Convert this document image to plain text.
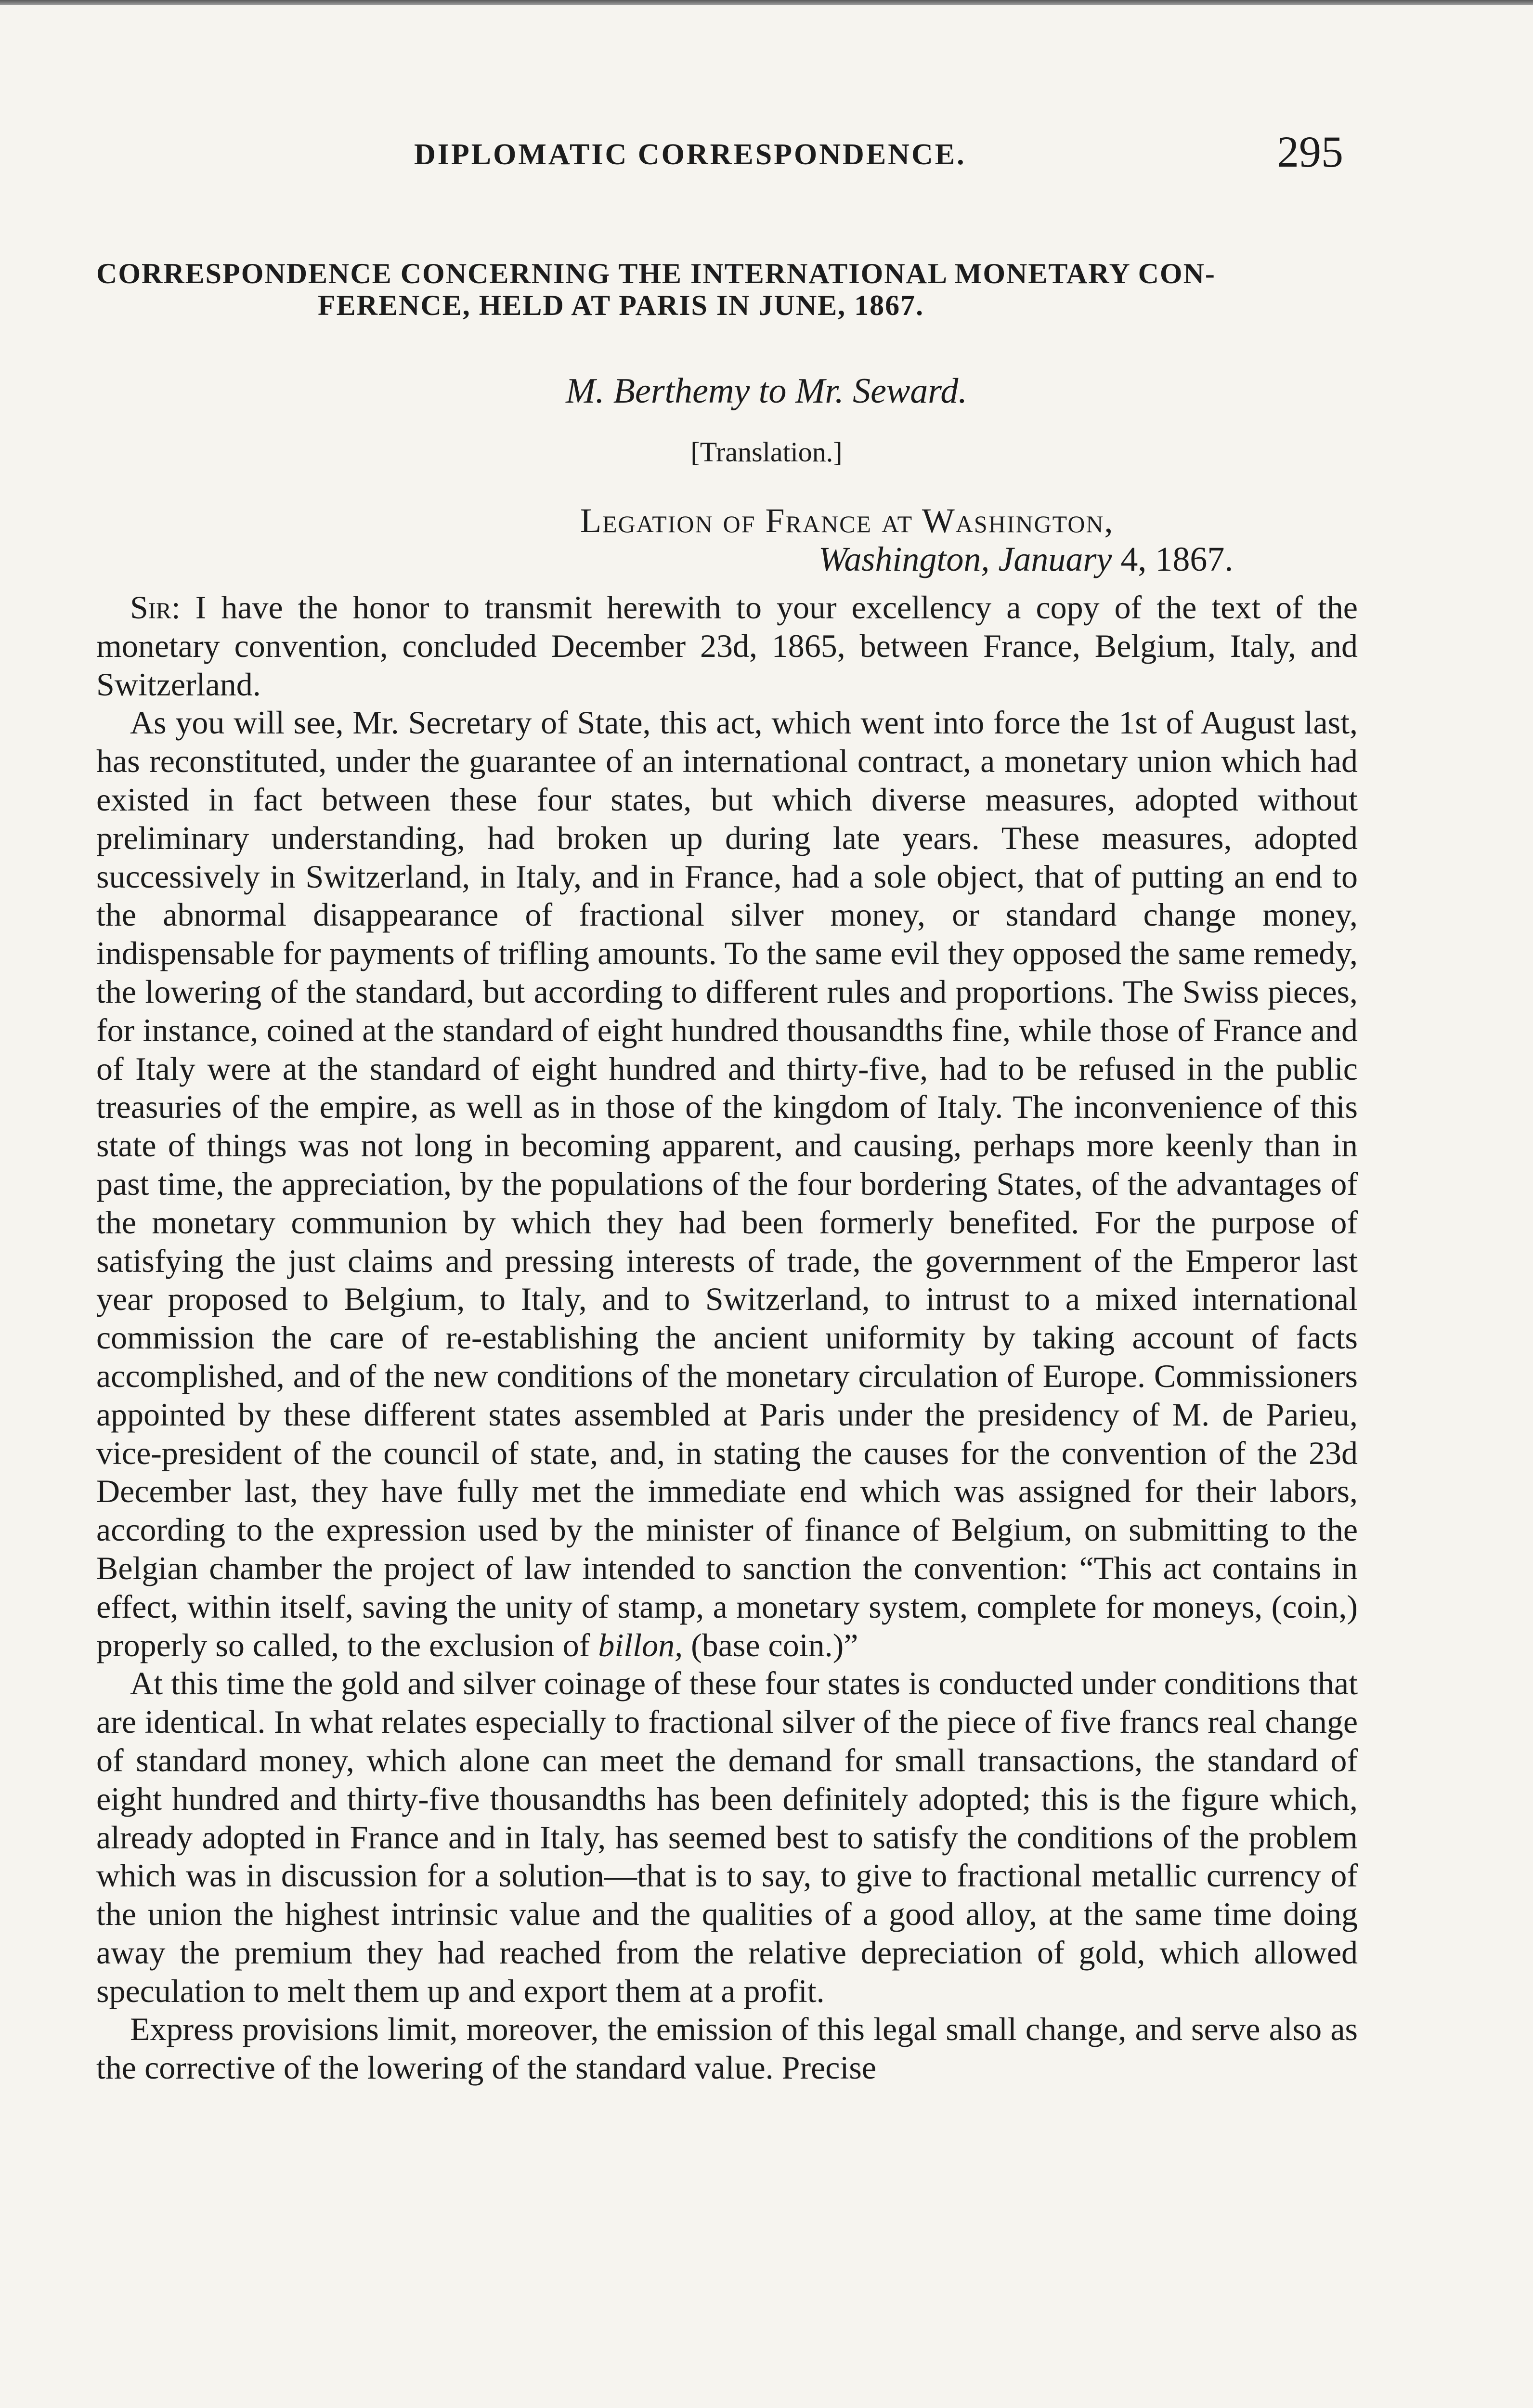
DIPLOMATIC CORRESPONDENCE.	295
CORRESPONDENCE CONCERNING THE INTERNATIONAL MONETARY CON-
FERENCE, HELD AT PARIS IN JUNE, 1867.
M. Berthemy to Mr. Seward.
[Translation.]
Legation of France at Washington,
Washington, January 4, 1867.

Sir: I have the honor to transmit herewith to your excellency a copy of the text of the monetary convention, concluded December 23d, 1865, between France, Belgium, Italy, and Switzerland.

As you will see, Mr. Secretary of State, this act, which went into force the 1st of August last, has reconstituted, under the guarantee of an international contract, a monetary union which had existed in fact between these four states, but which diverse measures, adopted without preliminary understanding, had broken up during late years. These measures, adopted successively in Switzerland, in Italy, and in France, had a sole object, that of putting an end to the abnormal disappearance of fractional silver money, or standard change money, indispensable for payments of trifling amounts. To the same evil they opposed the same remedy, the lowering of the standard, but according to different rules and proportions. The Swiss pieces, for instance, coined at the standard of eight hundred thousandths fine, while those of France and of Italy were at the standard of eight hundred and thirty-five, had to be refused in the public treasuries of the empire, as well as in those of the kingdom of Italy. The inconvenience of this state of things was not long in becoming apparent, and causing, perhaps more keenly than in past time, the appreciation, by the populations of the four bordering States, of the advantages of the monetary communion by which they had been formerly benefited. For the purpose of satisfying the just claims and pressing interests of trade, the government of the Emperor last year proposed to Belgium, to Italy, and to Switzerland, to intrust to a mixed international commission the care of re-establishing the ancient uniformity by taking account of facts accomplished, and of the new conditions of the monetary circulation of Europe. Commissioners appointed by these different states assembled at Paris under the presidency of M. de Parieu, vice-president of the council of state, and, in stating the causes for the convention of the 23d December last, they have fully met the immediate end which was assigned for their labors, according to the expression used by the minister of finance of Belgium, on submitting to the Belgian chamber the project of law intended to sanction the convention: “This act contains in effect, within itself, saving the unity of stamp, a monetary system, complete for moneys, (coin,) properly so called, to the exclusion of billon, (base coin.)”

At this time the gold and silver coinage of these four states is conducted under conditions that are identical. In what relates especially to fractional silver of the piece of five francs real change of standard money, which alone can meet the demand for small transactions, the standard of eight hundred and thirty-five thousandths has been definitely adopted; this is the figure which, already adopted in France and in Italy, has seemed best to satisfy the conditions of the problem which was in discussion for a solution—that is to say, to give to fractional metallic currency of the union the highest intrinsic value and the qualities of a good alloy, at the same time doing away the premium they had reached from the relative depreciation of gold, which allowed speculation to melt them up and export them at a profit.

Express provisions limit, moreover, the emission of this legal small change, and serve also as the corrective of the lowering of the standard value. Precise
